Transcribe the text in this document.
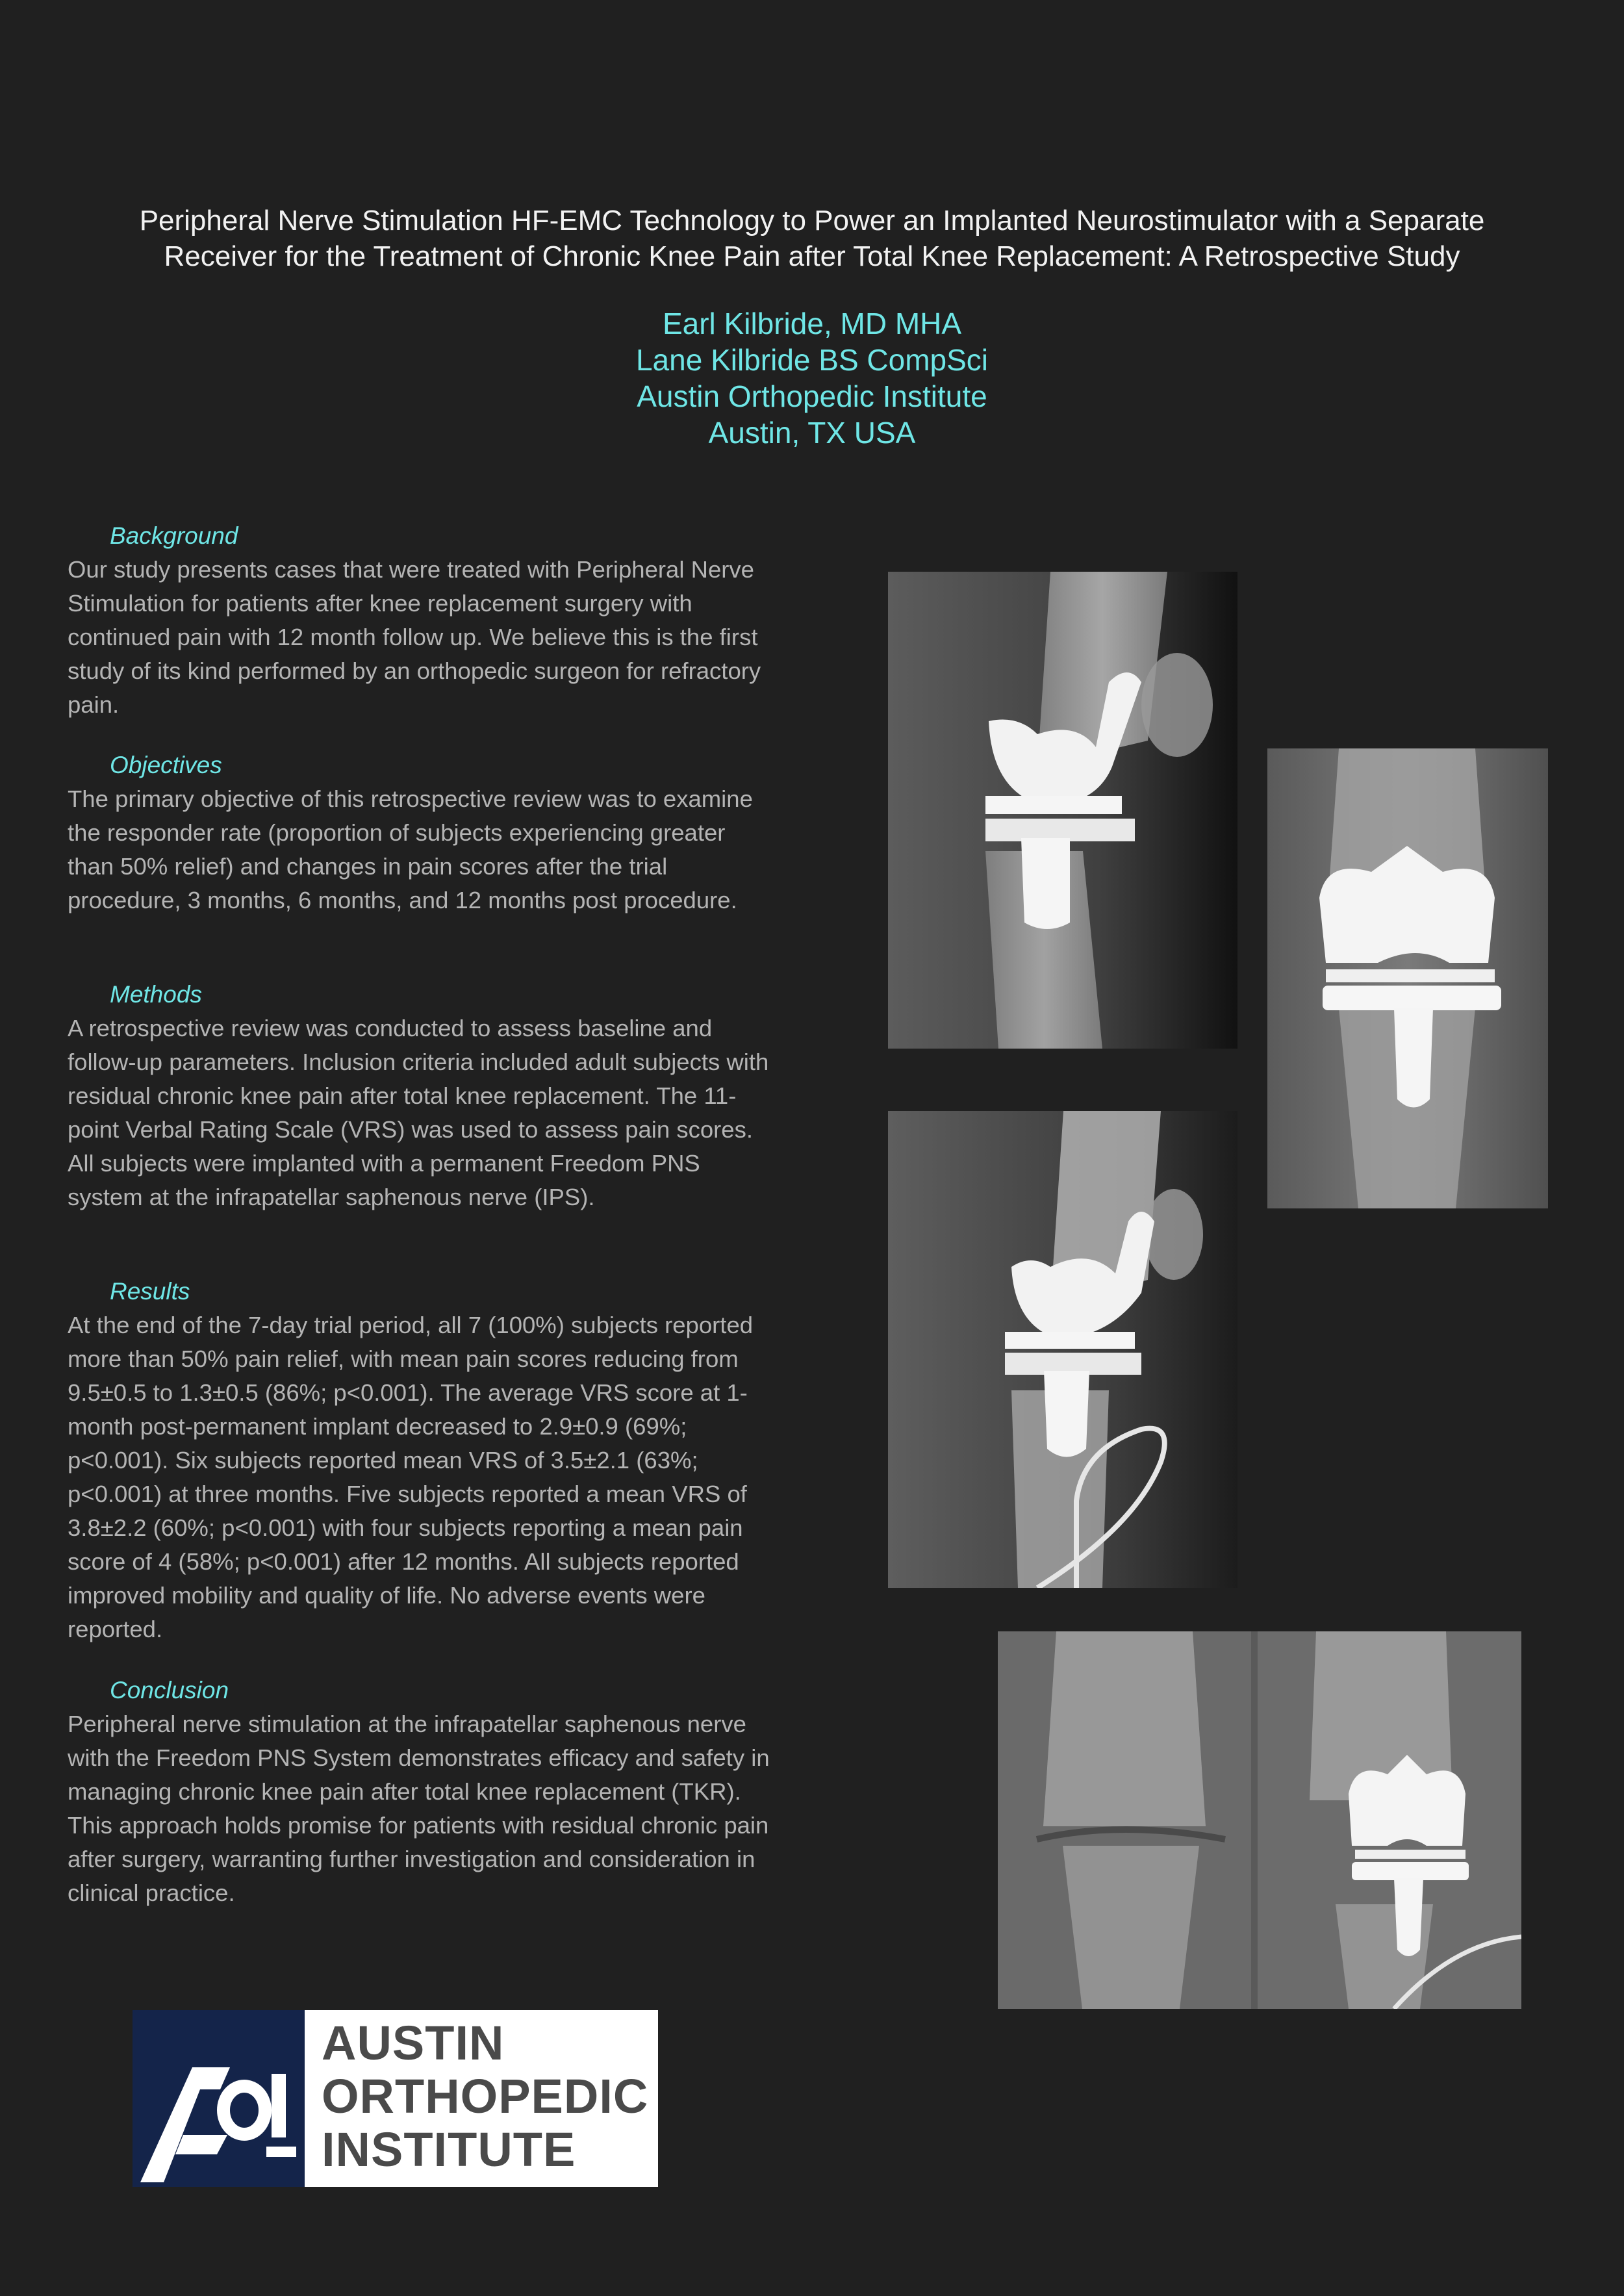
Peripheral Nerve Stimulation HF-EMC Technology to Power an Implanted Neurostimulator with a Separate
Receiver for the Treatment of Chronic Knee Pain after Total Knee Replacement: A Retrospective Study
Earl Kilbride, MD MHA
Lane Kilbride BS CompSci
Austin Orthopedic Institute
Austin, TX USA
Background

Our study presents cases that were treated with Peripheral Nerve Stimulation for patients after knee replacement surgery with continued pain with 12 month follow up. We believe this is the first study of its kind performed by an orthopedic surgeon for refractory pain.

Objectives

The primary objective of this retrospective review was to examine the responder rate (proportion of subjects experiencing greater than 50% relief) and changes in pain scores after the trial procedure, 3 months, 6 months, and 12 months post procedure.

Methods

A retrospective review was conducted to assess baseline and follow-up parameters. Inclusion criteria included adult subjects with residual chronic knee pain after total knee replacement. The 11-point Verbal Rating Scale (VRS) was used to assess pain scores. All subjects were implanted with a permanent Freedom PNS system at the infrapatellar saphenous nerve (IPS).

Results

At the end of the 7-day trial period, all 7 (100%) subjects reported more than 50% pain relief, with mean pain scores reducing from 9.5±0.5 to 1.3±0.5 (86%; p<0.001). The average VRS score at 1-month post-permanent implant decreased to 2.9±0.9 (69%; p<0.001). Six subjects reported mean VRS of 3.5±2.1 (63%; p<0.001) at three months. Five subjects reported a mean VRS of 3.8±2.2 (60%; p<0.001) with four subjects reporting a mean pain score of 4 (58%; p<0.001) after 12 months. All subjects reported improved mobility and quality of life. No adverse events were reported.

Conclusion

Peripheral nerve stimulation at the infrapatellar saphenous nerve with the Freedom PNS System demonstrates efficacy and safety in managing chronic knee pain after total knee replacement (TKR). This approach holds promise for patients with residual chronic pain after surgery, warranting further investigation and consideration in clinical practice.

AUSTIN
ORTHOPEDIC
INSTITUTE
